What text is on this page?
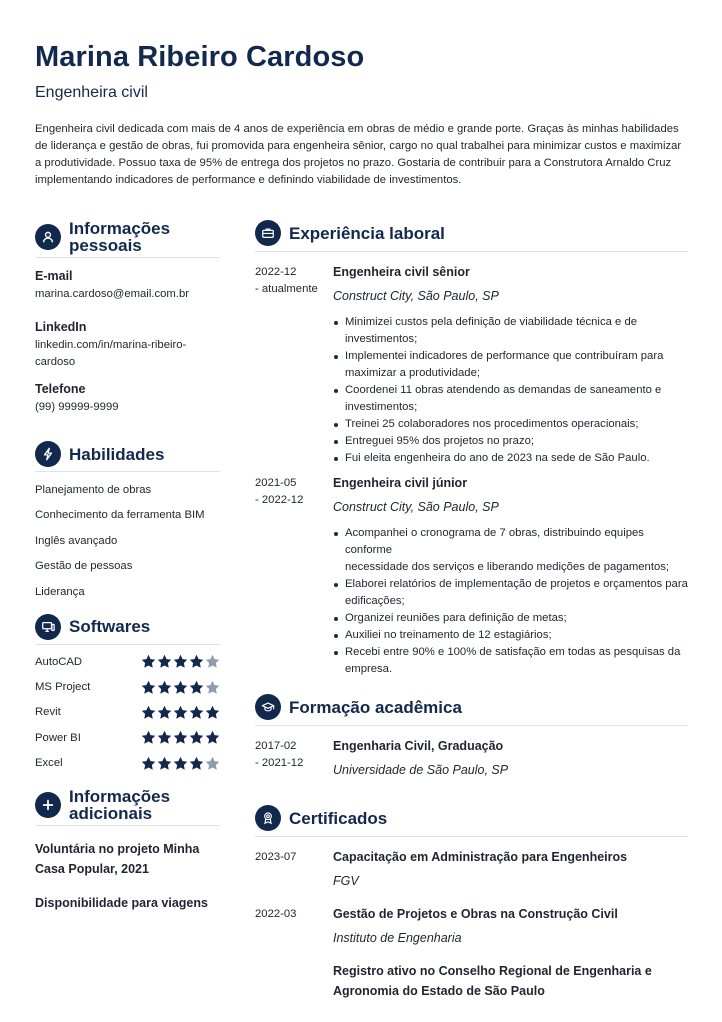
Marina Ribeiro Cardoso
Engenheira civil
Engenheira civil dedicada com mais de 4 anos de experiência em obras de médio e grande porte. Graças às minhas habilidades de liderança e gestão de obras, fui promovida para engenheira sênior, cargo no qual trabalhei para minimizar custos e maximizar a produtividade. Possuo taxa de 95% de entrega dos projetos no prazo. Gostaria de contribuir para a Construtora Arnaldo Cruz implementando indicadores de performance e definindo viabilidade de investimentos.
Informações
pessoais
E-mail
marina.cardoso@email.com.br
LinkedIn
linkedin.com/in/marina-ribeiro-
cardoso
Telefone
(99) 99999-9999
Habilidades
Planejamento de obras
Conhecimento da ferramenta BIM
Inglês avançado
Gestão de pessoas
Liderança
Softwares
AutoCAD
MS Project
Revit
Power BI
Excel
Informações
adicionais
Voluntária no projeto Minha
Casa Popular, 2021
Disponibilidade para viagens
Experiência laboral
2022-12
- atualmente
Engenheira civil sênior
Construct City, São Paulo, SP
Minimizei custos pela definição de viabilidade técnica e de
investimentos;
Implementei indicadores de performance que contribuíram para
maximizar a produtividade;
Coordenei 11 obras atendendo as demandas de saneamento e
investimentos;
Treinei 25 colaboradores nos procedimentos operacionais;
Entreguei 95% dos projetos no prazo;
Fui eleita engenheira do ano de 2023 na sede de São Paulo.
2021-05
- 2022-12
Engenheira civil júnior
Construct City, São Paulo, SP
Acompanhei o cronograma de 7 obras, distribuindo equipes conforme
necessidade dos serviços e liberando medições de pagamentos;
Elaborei relatórios de implementação de projetos e orçamentos para
edificações;
Organizei reuniões para definição de metas;
Auxiliei no treinamento de 12 estagiários;
Recebi entre 90% e 100% de satisfação em todas as pesquisas da
empresa.
Formação acadêmica
2017-02
- 2021-12
Engenharia Civil, Graduação
Universidade de São Paulo, SP
Certificados
2023-07	Capacitação em Administração para Engenheiros
FGV
2022-03	Gestão de Projetos e Obras na Construção Civil
Instituto de Engenharia
Registro ativo no Conselho Regional de Engenharia e
Agronomia do Estado de São Paulo
